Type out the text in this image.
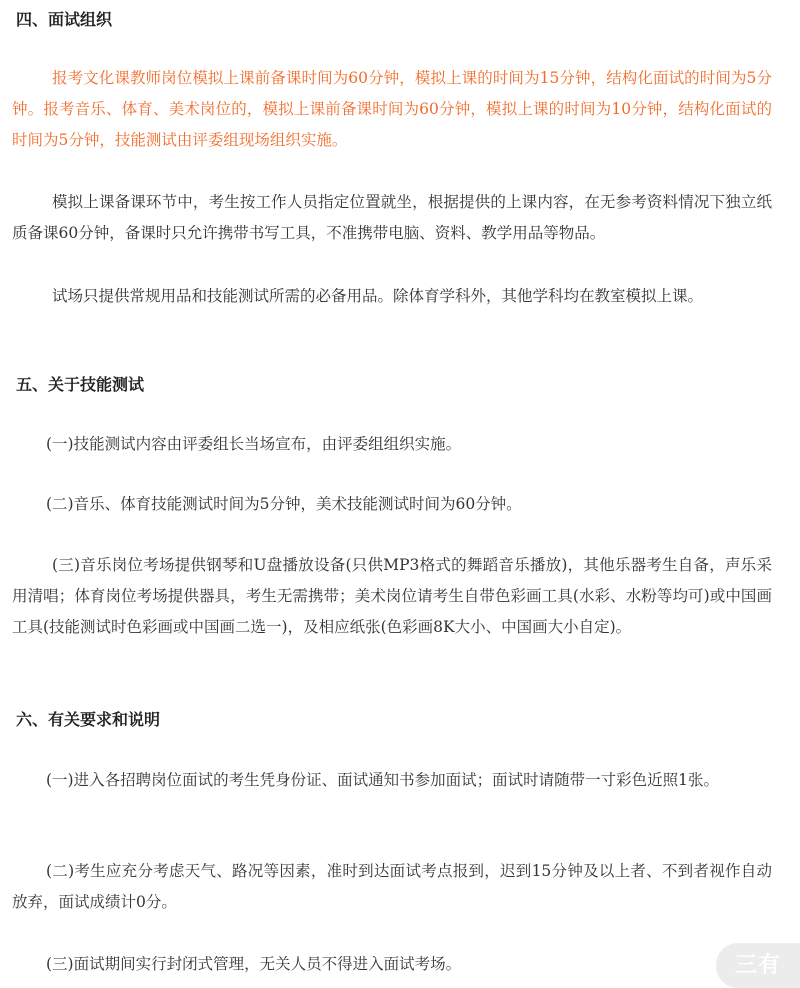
四、面试组织

报考文化课教师岗位模拟上课前备课时间为60分钟，模拟上课的时间为15分钟，结构化面试的时间为5分钟。报考音乐、体育、美术岗位的，模拟上课前备课时间为60分钟，模拟上课的时间为10分钟，结构化面试的时间为5分钟，技能测试由评委组现场组织实施。

模拟上课备课环节中，考生按工作人员指定位置就坐，根据提供的上课内容，在无参考资料情况下独立纸质备课60分钟，备课时只允许携带书写工具，不准携带电脑、资料、教学用品等物品。

试场只提供常规用品和技能测试所需的必备用品。除体育学科外，其他学科均在教室模拟上课。

五、关于技能测试

(一)技能测试内容由评委组长当场宣布，由评委组组织实施。

(二)音乐、体育技能测试时间为5分钟，美术技能测试时间为60分钟。

(三)音乐岗位考场提供钢琴和U盘播放设备(只供MP3格式的舞蹈音乐播放)，其他乐器考生自备，声乐采用清唱；体育岗位考场提供器具，考生无需携带；美术岗位请考生自带色彩画工具(水彩、水粉等均可)或中国画工具(技能测试时色彩画或中国画二选一)，及相应纸张(色彩画8K大小、中国画大小自定)。

六、有关要求和说明

(一)进入各招聘岗位面试的考生凭身份证、面试通知书参加面试；面试时请随带一寸彩色近照1张。

(二)考生应充分考虑天气、路况等因素，准时到达面试考点报到，迟到15分钟及以上者、不到者视作自动放弃，面试成绩计0分。

(三)面试期间实行封闭式管理，无关人员不得进入面试考场。	三有
